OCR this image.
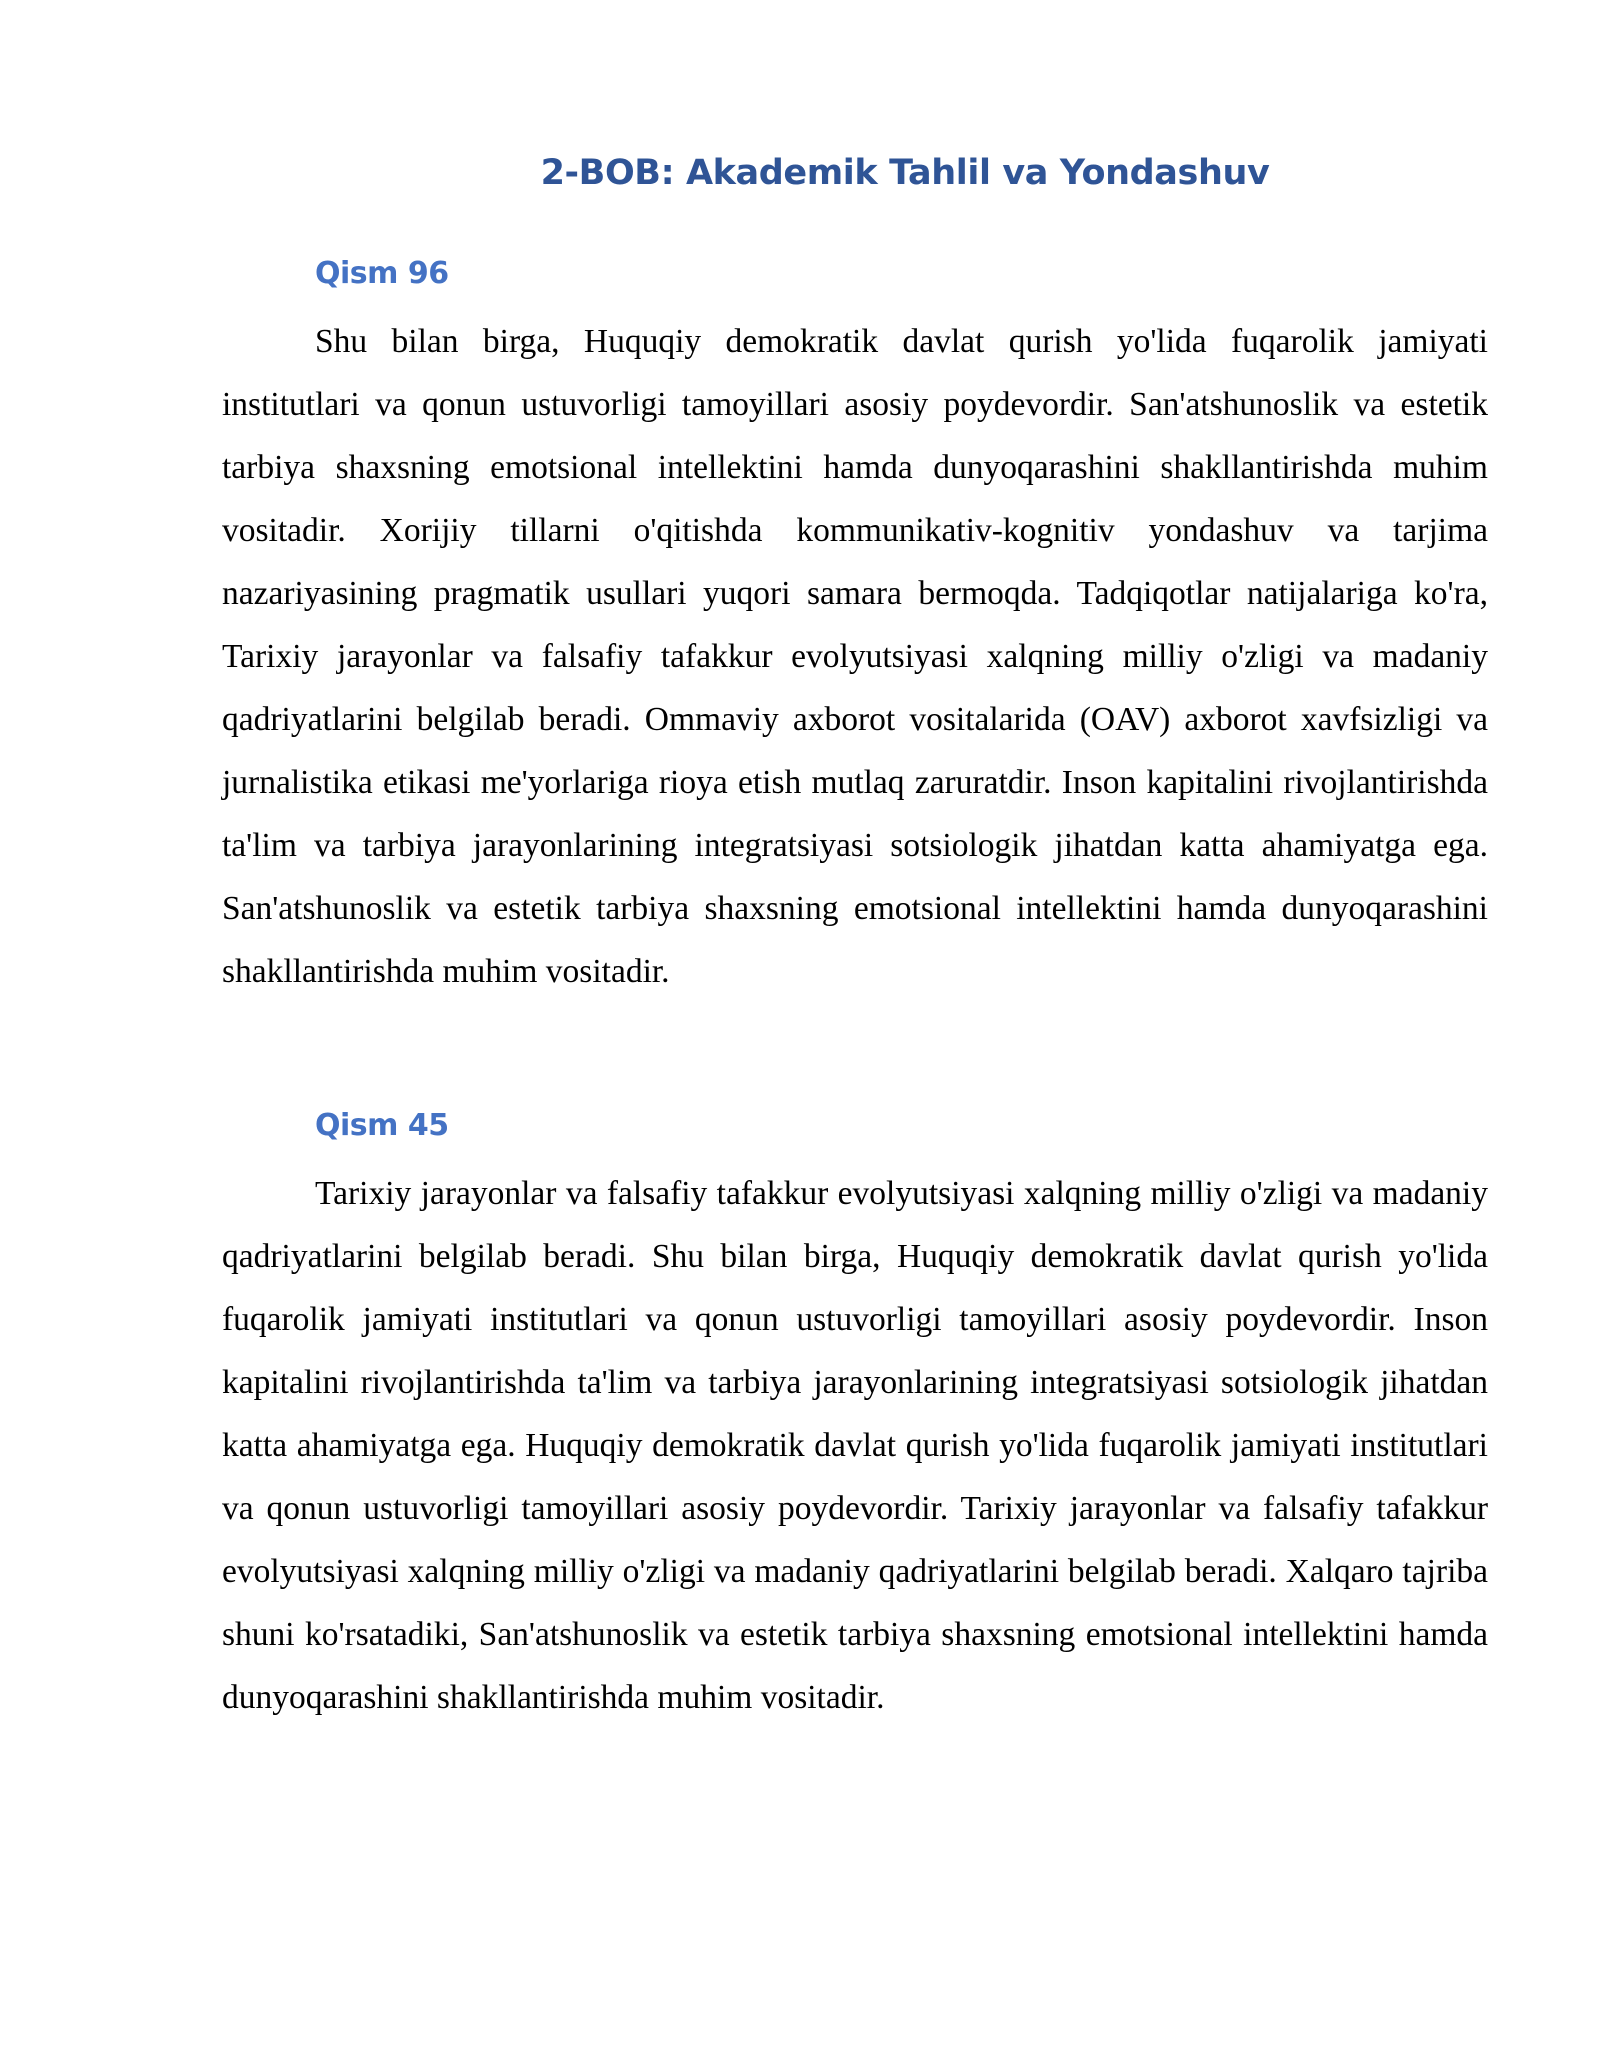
2-BOB: Akademik Tahlil va Yondashuv
Qism 96

Shu bilan birga, Huquqiy demokratik davlat qurish yo'lida fuqarolik jamiyati institutlari va qonun ustuvorligi tamoyillari asosiy poydevordir. San'atshunoslik va estetik tarbiya shaxsning emotsional intellektini hamda dunyoqarashini shakllantirishda muhim vositadir. Xorijiy tillarni o'qitishda kommunikativ-kognitiv yondashuv va tarjima nazariyasining pragmatik usullari yuqori samara bermoqda. Tadqiqotlar natijalariga ko'ra, Tarixiy jarayonlar va falsafiy tafakkur evolyutsiyasi xalqning milliy o'zligi va madaniy qadriyatlarini belgilab beradi. Ommaviy axborot vositalarida (OAV) axborot xavfsizligi va jurnalistika etikasi me'yorlariga rioya etish mutlaq zaruratdir. Inson kapitalini rivojlantirishda ta'lim va tarbiya jarayonlarining integratsiyasi sotsiologik jihatdan katta ahamiyatga ega. San'atshunoslik va estetik tarbiya shaxsning emotsional intellektini hamda dunyoqarashini shakllantirishda muhim vositadir.

Qism 45

Tarixiy jarayonlar va falsafiy tafakkur evolyutsiyasi xalqning milliy o'zligi va madaniy qadriyatlarini belgilab beradi. Shu bilan birga, Huquqiy demokratik davlat qurish yo'lida fuqarolik jamiyati institutlari va qonun ustuvorligi tamoyillari asosiy poydevordir. Inson kapitalini rivojlantirishda ta'lim va tarbiya jarayonlarining integratsiyasi sotsiologik jihatdan katta ahamiyatga ega. Huquqiy demokratik davlat qurish yo'lida fuqarolik jamiyati institutlari va qonun ustuvorligi tamoyillari asosiy poydevordir. Tarixiy jarayonlar va falsafiy tafakkur evolyutsiyasi xalqning milliy o'zligi va madaniy qadriyatlarini belgilab beradi. Xalqaro tajriba shuni ko'rsatadiki, San'atshunoslik va estetik tarbiya shaxsning emotsional intellektini hamda dunyoqarashini shakllantirishda muhim vositadir.
